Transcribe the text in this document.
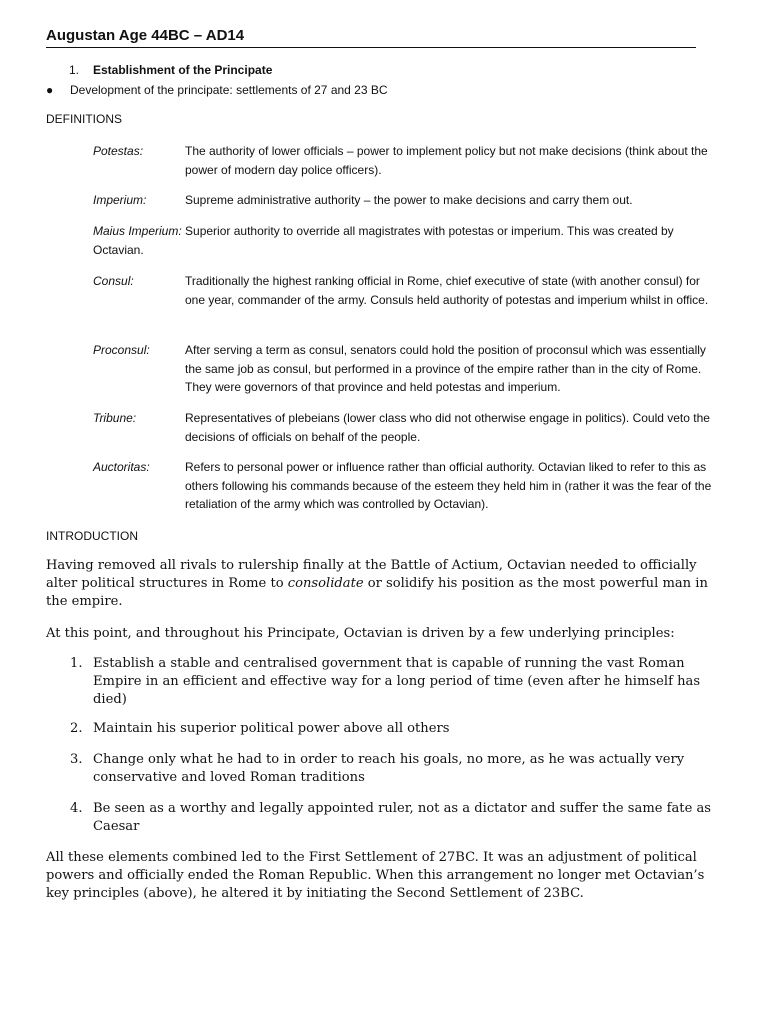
Augustan Age 44BC – AD14
1. Establishment of the Principate
● Development of the principate: settlements of 27 and 23 BC
DEFINITIONS
Potestas:	The authority of lower officials – power to implement policy but not make decisions (think about the power of modern day police officers).
Imperium:	Supreme administrative authority – the power to make decisions and carry them out.
Maius Imperium: Superior authority to override all magistrates with potestas or imperium. This was created by Octavian.
Consul:	Traditionally the highest ranking official in Rome, chief executive of state (with another consul) for one year, commander of the army. Consuls held authority of potestas and imperium whilst in office.
Proconsul:	After serving a term as consul, senators could hold the position of proconsul which was essentially the same job as consul, but performed in a province of the empire rather than in the city of Rome. They were governors of that province and held potestas and imperium.
Tribune:	Representatives of plebeians (lower class who did not otherwise engage in politics). Could veto the decisions of officials on behalf of the people.
Auctoritas:	Refers to personal power or influence rather than official authority. Octavian liked to refer to this as others following his commands because of the esteem they held him in (rather it was the fear of the retaliation of the army which was controlled by Octavian).
INTRODUCTION
Having removed all rivals to rulership finally at the Battle of Actium, Octavian needed to officially alter political structures in Rome to consolidate or solidify his position as the most powerful man in the empire.
At this point, and throughout his Principate, Octavian is driven by a few underlying principles:
1. Establish a stable and centralised government that is capable of running the vast Roman Empire in an efficient and effective way for a long period of time (even after he himself has died)
2. Maintain his superior political power above all others
3. Change only what he had to in order to reach his goals, no more, as he was actually very conservative and loved Roman traditions
4. Be seen as a worthy and legally appointed ruler, not as a dictator and suffer the same fate as Caesar
All these elements combined led to the First Settlement of 27BC. It was an adjustment of political powers and officially ended the Roman Republic. When this arrangement no longer met Octavian’s key principles (above), he altered it by initiating the Second Settlement of 23BC.
